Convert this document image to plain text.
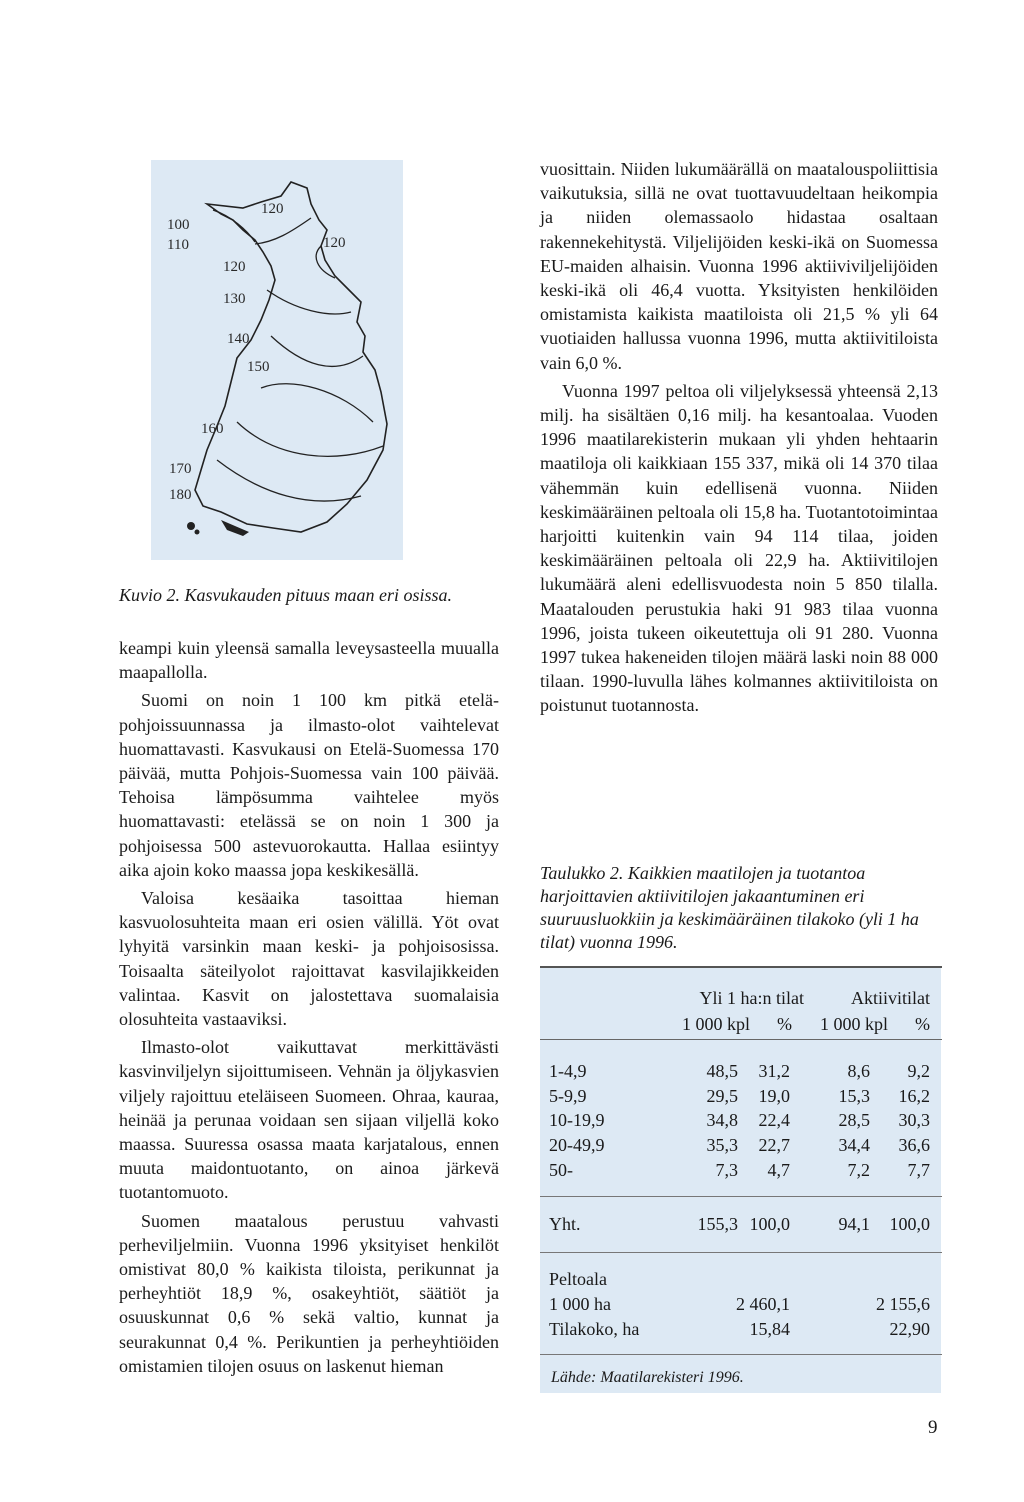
100
110
120
120
120
130
140
150
160
170
180
Kuvio 2. Kasvukauden pituus maan eri osissa.

keampi kuin yleensä samalla leveysasteella muualla maapallolla.

Suomi on noin 1 100 km pitkä etelä-pohjoissuunnassa ja ilmasto-olot vaihtelevat huomattavasti. Kasvukausi on Etelä-Suomessa 170 päivää, mutta Pohjois-Suomessa vain 100 päivää. Tehoisa lämpösumma vaihtelee myös huomattavasti: etelässä se on noin 1 300 ja pohjoisessa 500 astevuorokautta. Hallaa esiintyy aika ajoin koko maassa jopa keskikesällä.

Valoisa kesäaika tasoittaa hieman kasvuolosuhteita maan eri osien välillä. Yöt ovat lyhyitä varsinkin maan keski- ja pohjoisosissa. Toisaalta säteilyolot rajoittavat kasvilajikkeiden valintaa. Kasvit on jalostettava suomalaisia olosuhteita vastaaviksi.

Ilmasto-olot vaikuttavat merkittävästi kasvinviljelyn sijoittumiseen. Vehnän ja öljykasvien viljely rajoittuu eteläiseen Suomeen. Ohraa, kauraa, heinää ja perunaa voidaan sen sijaan viljellä koko maassa. Suuressa osassa maata karjatalous, ennen muuta maidontuotanto, on ainoa järkevä tuotantomuoto.

Suomen maatalous perustuu vahvasti perheviljelmiin. Vuonna 1996 yksityiset henkilöt omistivat 80,0 % kaikista tiloista, perikunnat ja perheyhtiöt 18,9 %, osakeyhtiöt, säätiöt ja osuuskunnat 0,6 % sekä valtio, kunnat ja seurakunnat 0,4 %. Perikuntien ja perheyhtiöiden omistamien tilojen osuus on laskenut hieman

vuosittain. Niiden lukumäärällä on maatalouspoliittisia vaikutuksia, sillä ne ovat tuottavuudeltaan heikompia ja niiden olemassaolo hidastaa osaltaan rakennekehitystä. Viljelijöiden keski-ikä on Suomessa EU-maiden alhaisin. Vuonna 1996 aktiiviviljelijöiden keski-ikä oli 46,4 vuotta. Yksityisten henkilöiden omistamista kaikista maatiloista oli 21,5 % yli 64 vuotiaiden hallussa vuonna 1996, mutta aktiivitiloista vain 6,0 %.

Vuonna 1997 peltoa oli viljelyksessä yhteensä 2,13 milj. ha sisältäen 0,16 milj. ha kesantoalaa. Vuoden 1996 maatilarekisterin mukaan yli yhden hehtaarin maatiloja oli kaikkiaan 155 337, mikä oli 14 370 tilaa vähemmän kuin edellisenä vuonna. Niiden keskimääräinen peltoala oli 15,8 ha. Tuotantotoimintaa harjoitti kuitenkin vain 94 114 tilaa, joiden keskimääräinen peltoala oli 22,9 ha. Aktiivitilojen lukumäärä aleni edellisvuodesta noin 5 850 tilalla. Maatalouden perustukia haki 91 983 tilaa vuonna 1996, joista tukeen oikeutettuja oli 91 280. Vuonna 1997 tukea hakeneiden tilojen määrä laski noin 88 000 tilaan. 1990-luvulla lähes kolmannes aktiivitiloista on poistunut tuotannosta.

Taulukko 2. Kaikkien maatilojen ja tuotantoa harjoittavien aktiivitilojen jakaantuminen eri suuruusluokkiin ja keskimääräinen tilakoko (yli 1 ha tilat) vuonna 1996.
Yli 1 ha:n tilat	Aktiivitilat
1 000 kpl	%	1 000 kpl	%
1-4,9	48,5	31,2	8,6	9,2
5-9,9	29,5	19,0	15,3	16,2
10-19,9	34,8	22,4	28,5	30,3
20-49,9	35,3	22,7	34,4	36,6
50-	7,3	4,7	7,2	7,7
Yht.	155,3 100,0	94,1	100,0
Peltoala
1 000 ha	2 460,1	2 155,6
Tilakoko, ha	15,84	22,90
Lähde: Maatilarekisteri 1996.
9
